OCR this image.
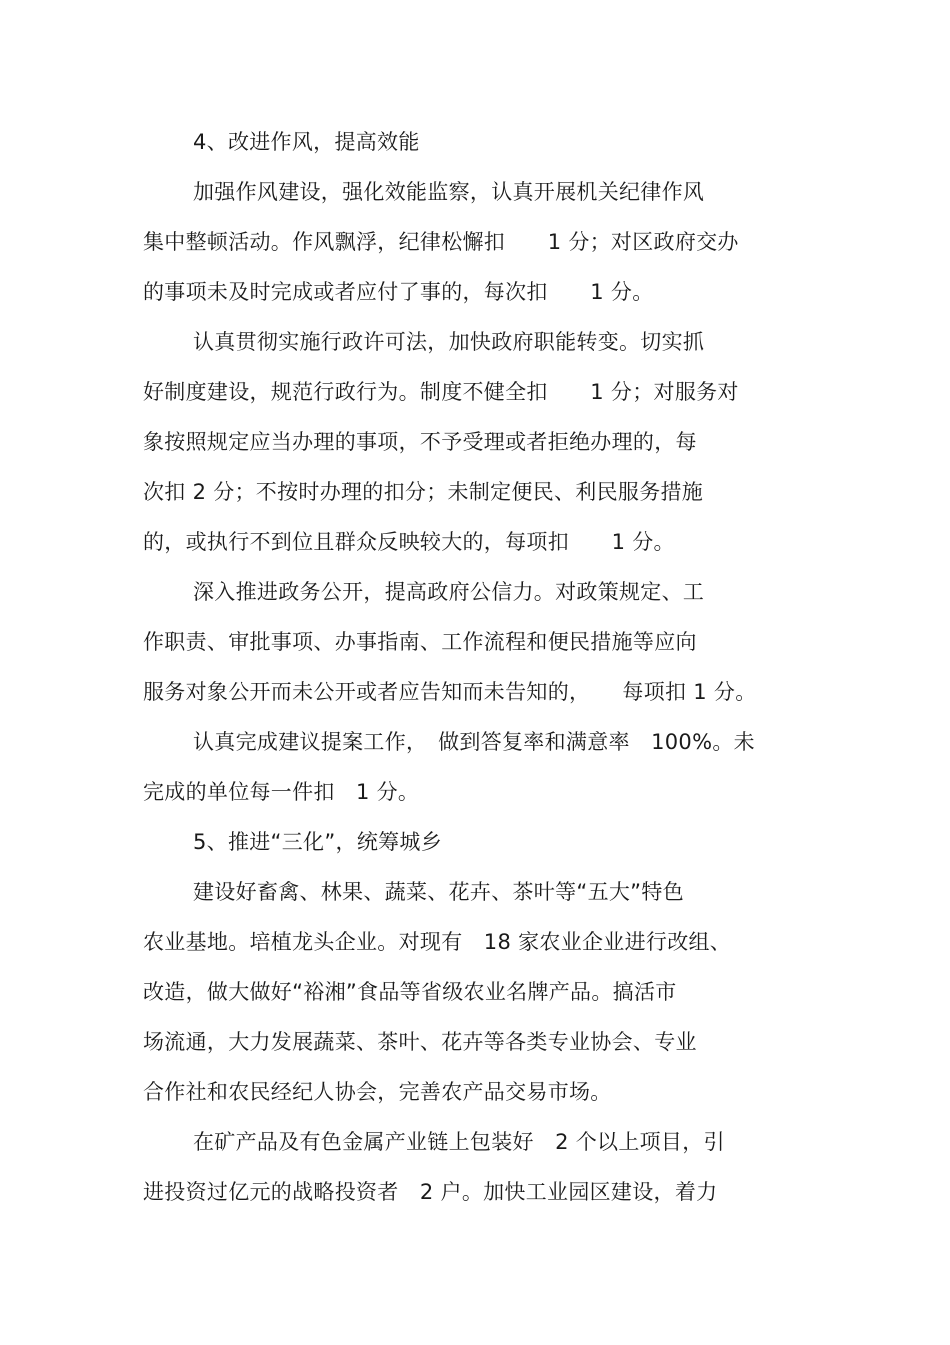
4、改进作风，提高效能
加强作风建设，强化效能监察，认真开展机关纪律作风
集中整顿活动。作风飘浮，纪律松懈扣　　1 分；对区政府交办
的事项未及时完成或者应付了事的，每次扣　　1 分。
认真贯彻实施行政许可法，加快政府职能转变。切实抓
好制度建设，规范行政行为。制度不健全扣　　1 分；对服务对
象按照规定应当办理的事项，不予受理或者拒绝办理的，每
次扣 2 分；不按时办理的扣分；未制定便民、利民服务措施
的，或执行不到位且群众反映较大的，每项扣　　1 分。
深入推进政务公开，提高政府公信力。对政策规定、工
作职责、审批事项、办事指南、工作流程和便民措施等应向
服务对象公开而未公开或者应告知而未告知的，　　每项扣 1 分。
认真完成建议提案工作，　做到答复率和满意率　100%。未
完成的单位每一件扣　1 分。
5、推进“三化”，统筹城乡
建设好畜禽、林果、蔬菜、花卉、茶叶等“五大”特色
农业基地。培植龙头企业。对现有　18 家农业企业进行改组、
改造，做大做好“裕湘”食品等省级农业名牌产品。搞活市
场流通，大力发展蔬菜、茶叶、花卉等各类专业协会、专业
合作社和农民经纪人协会，完善农产品交易市场。
在矿产品及有色金属产业链上包装好　2 个以上项目，引
进投资过亿元的战略投资者　2 户。加快工业园区建设，着力
